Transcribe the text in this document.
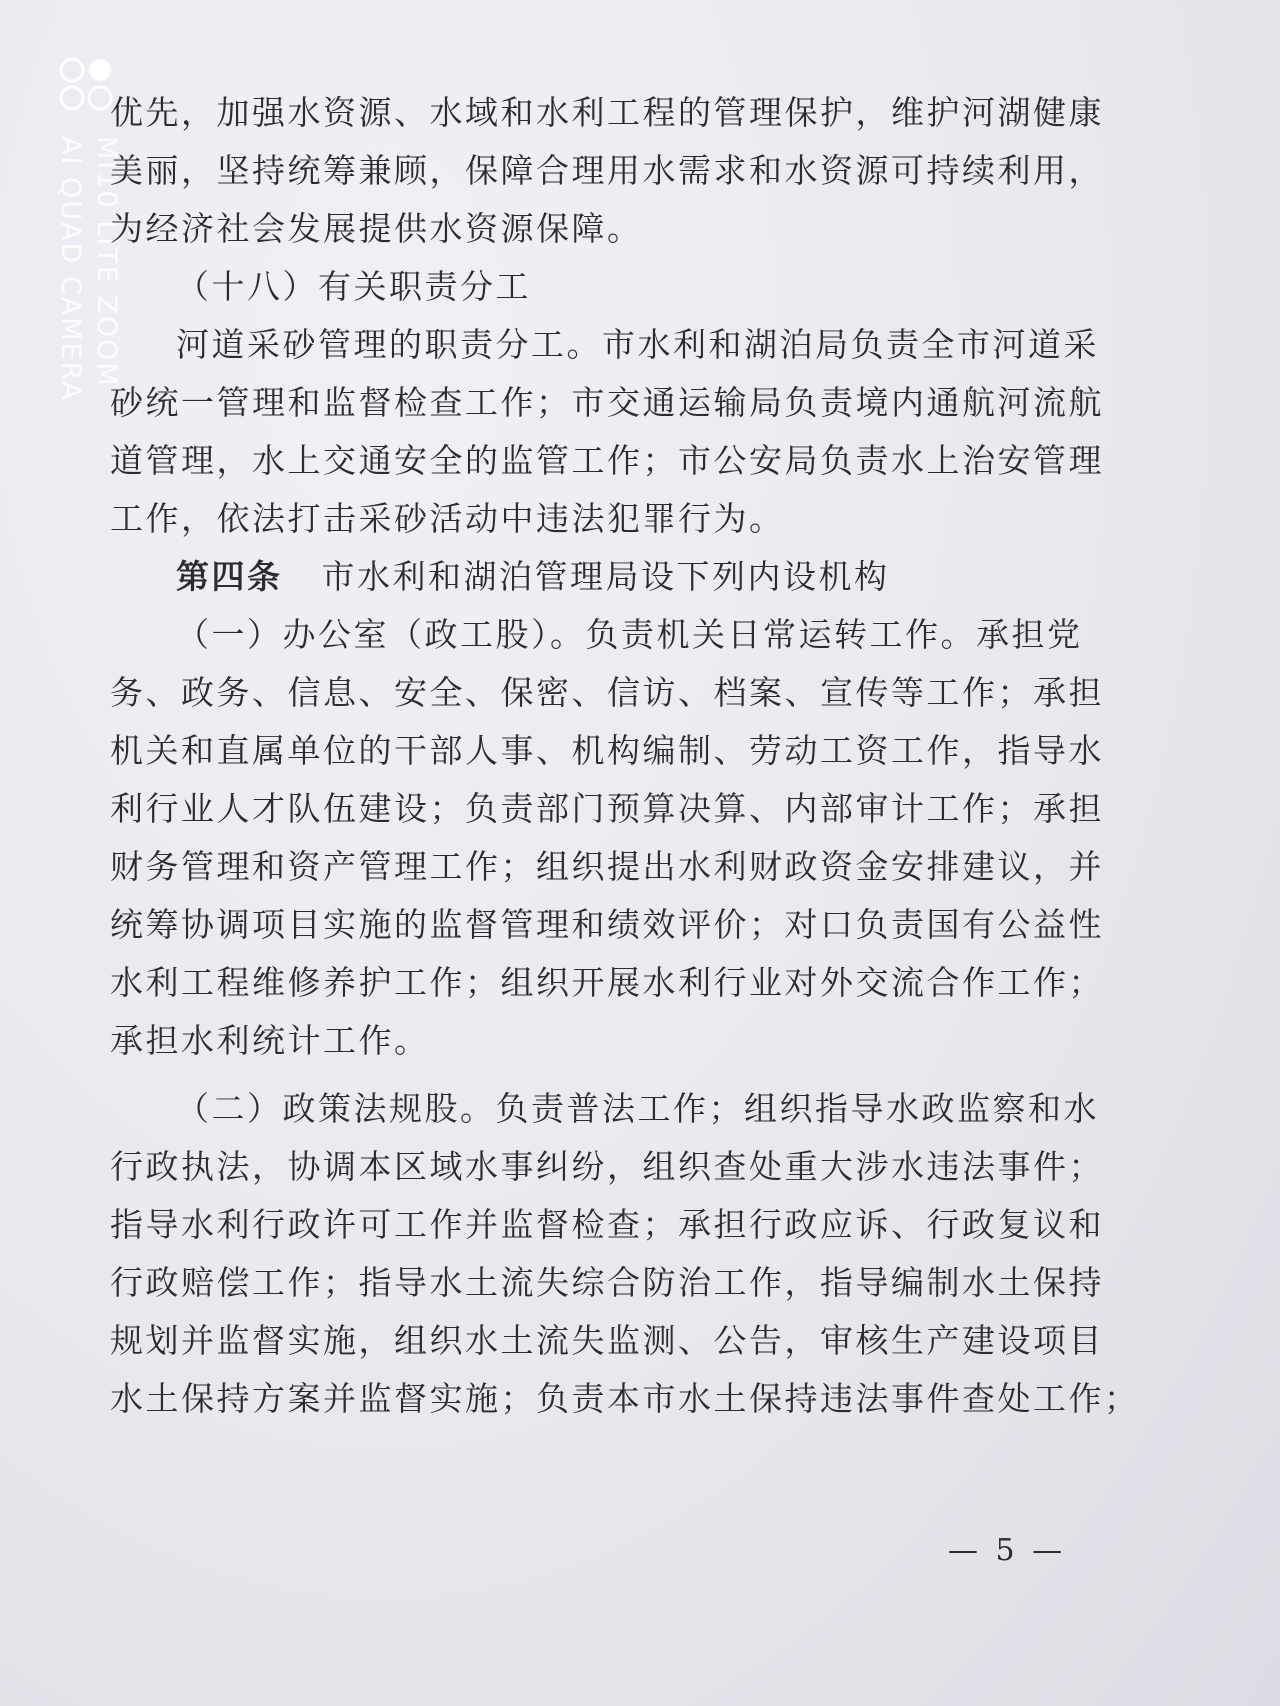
MI10 LITE ZOOM
AI QUAD CAMERA

优先，加强水资源、水域和水利工程的管理保护，维护河湖健康

美丽，坚持统筹兼顾，保障合理用水需求和水资源可持续利用，

为经济社会发展提供水资源保障。

（十八）有关职责分工

河道采砂管理的职责分工。市水利和湖泊局负责全市河道采

砂统一管理和监督检查工作；市交通运输局负责境内通航河流航

道管理，水上交通安全的监管工作；市公安局负责水上治安管理

工作，依法打击采砂活动中违法犯罪行为。

第四条 市水利和湖泊管理局设下列内设机构

（一）办公室（政工股）。负责机关日常运转工作。承担党

务、政务、信息、安全、保密、信访、档案、宣传等工作；承担

机关和直属单位的干部人事、机构编制、劳动工资工作，指导水

利行业人才队伍建设；负责部门预算决算、内部审计工作；承担

财务管理和资产管理工作；组织提出水利财政资金安排建议，并

统筹协调项目实施的监督管理和绩效评价；对口负责国有公益性

水利工程维修养护工作；组织开展水利行业对外交流合作工作；

承担水利统计工作。

（二）政策法规股。负责普法工作；组织指导水政监察和水

行政执法，协调本区域水事纠纷，组织查处重大涉水违法事件；

指导水利行政许可工作并监督检查；承担行政应诉、行政复议和

行政赔偿工作；指导水土流失综合防治工作，指导编制水土保持

规划并监督实施，组织水土流失监测、公告，审核生产建设项目

水土保持方案并监督实施；负责本市水土保持违法事件查处工作；

— 5 —
